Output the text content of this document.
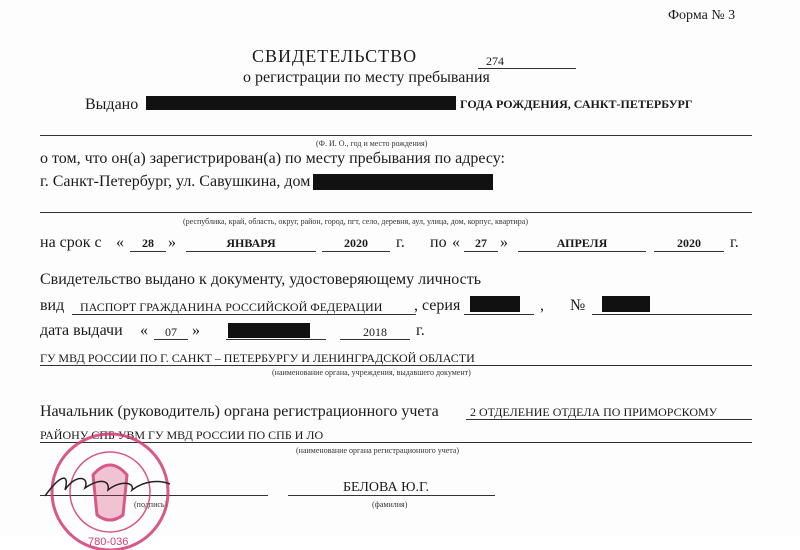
Форма № 3
СВИДЕТЕЛЬСТВО	274
о регистрации по месту пребывания
Выдано	ГОДА РОЖДЕНИЯ, САНКТ-ПЕТЕРБУРГ
(Ф. И. О., год и место рождения)
о том, что он(а) зарегистрирован(а) по месту пребывания по адресу:
г. Санкт-Петербург, ул. Савушкина, дом
(республика, край, область, округ, район, город, пгт, село, деревня, аул, улица, дом, корпус, квартира)
на срок с «	28 »	ЯНВАРЯ	2020	г. по «	27 »	АПРЕЛЯ	2020	г.
Свидетельство выдано к документу, удостоверяющему личность
вид ПАСПОРТ ГРАЖДАНИНА РОССИЙСКОЙ ФЕДЕРАЦИИ , серия	, №
дата выдачи «	07 »	2018	г.
ГУ МВД РОССИИ ПО Г. САНКТ – ПЕТЕРБУРГУ И ЛЕНИНГРАДСКОЙ ОБЛАСТИ
(наименование органа, учреждения, выдавшего документ)
Начальник (руководитель) органа регистрационного учета	2 ОТДЕЛЕНИЕ ОТДЕЛА ПО ПРИМОРСКОМУ
РАЙОНУ СПБ УВМ ГУ МВД РОССИИ ПО СПБ И ЛО
(наименование органа регистрационного учета)
(подпись)
БЕЛОВА Ю.Г.
(фамилия)
780-036
